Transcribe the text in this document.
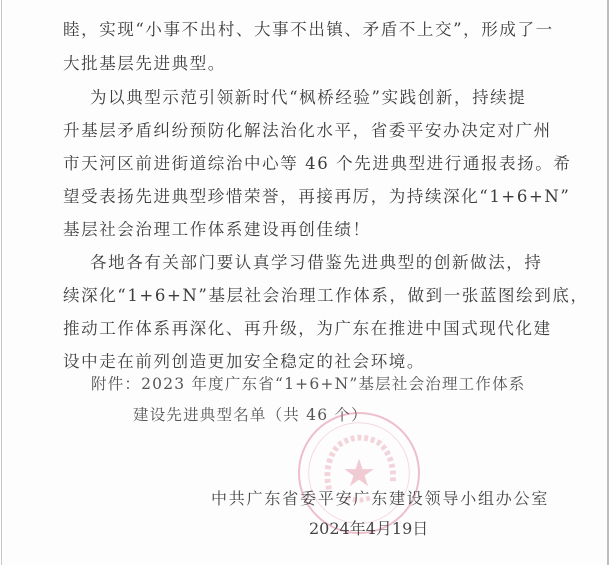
睦，实现“小事不出村、大事不出镇、矛盾不上交”，形成了一
大批基层先进典型。
为以典型示范引领新时代“枫桥经验”实践创新，持续提
升基层矛盾纠纷预防化解法治化水平，省委平安办决定对广州
市天河区前进街道综治中心等 46 个先进典型进行通报表扬。希
望受表扬先进典型珍惜荣誉，再接再厉，为持续深化“1+6+N”
基层社会治理工作体系建设再创佳绩！
各地各有关部门要认真学习借鉴先进典型的创新做法，持
续深化“1+6+N”基层社会治理工作体系，做到一张蓝图绘到底，
推动工作体系再深化、再升级，为广东在推进中国式现代化建
设中走在前列创造更加安全稳定的社会环境。
附件：2023 年度广东省“1+6+N”基层社会治理工作体系
建设先进典型名单（共 46 个）
★
中共广东省委平安广东建设领导小组办公室
2024年4月19日
